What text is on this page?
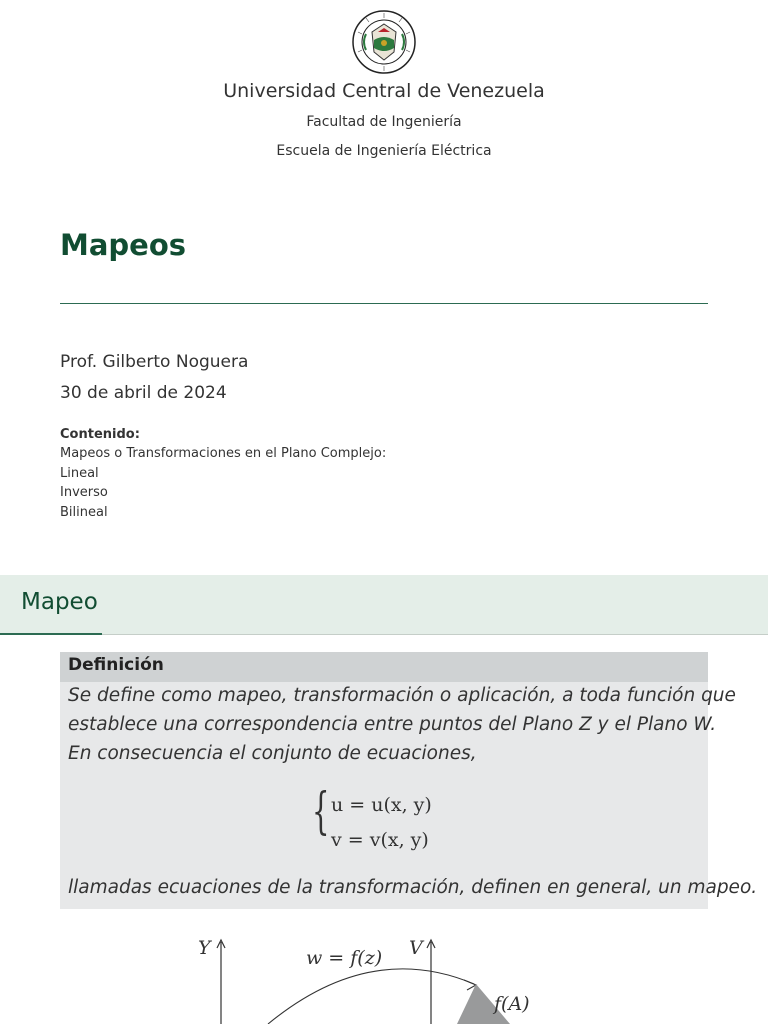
Universidad Central de Venezuela
Facultad de Ingeniería
Escuela de Ingeniería Eléctrica
Mapeos
Prof. Gilberto Noguera
30 de abril de 2024
Contenido:
Mapeos o Transformaciones en el Plano Complejo:
Lineal
Inverso
Bilineal
Mapeo
Definición
Se define como mapeo, transformación o aplicación, a toda función que
establece una correspondencia entre puntos del Plano Z y el Plano W.
En consecuencia el conjunto de ecuaciones,
{ u = u(x, y)
v = v(x, y)
llamadas ecuaciones de la transformación, definen en general, un mapeo.
Y	V
w = f(z)
f(A)
